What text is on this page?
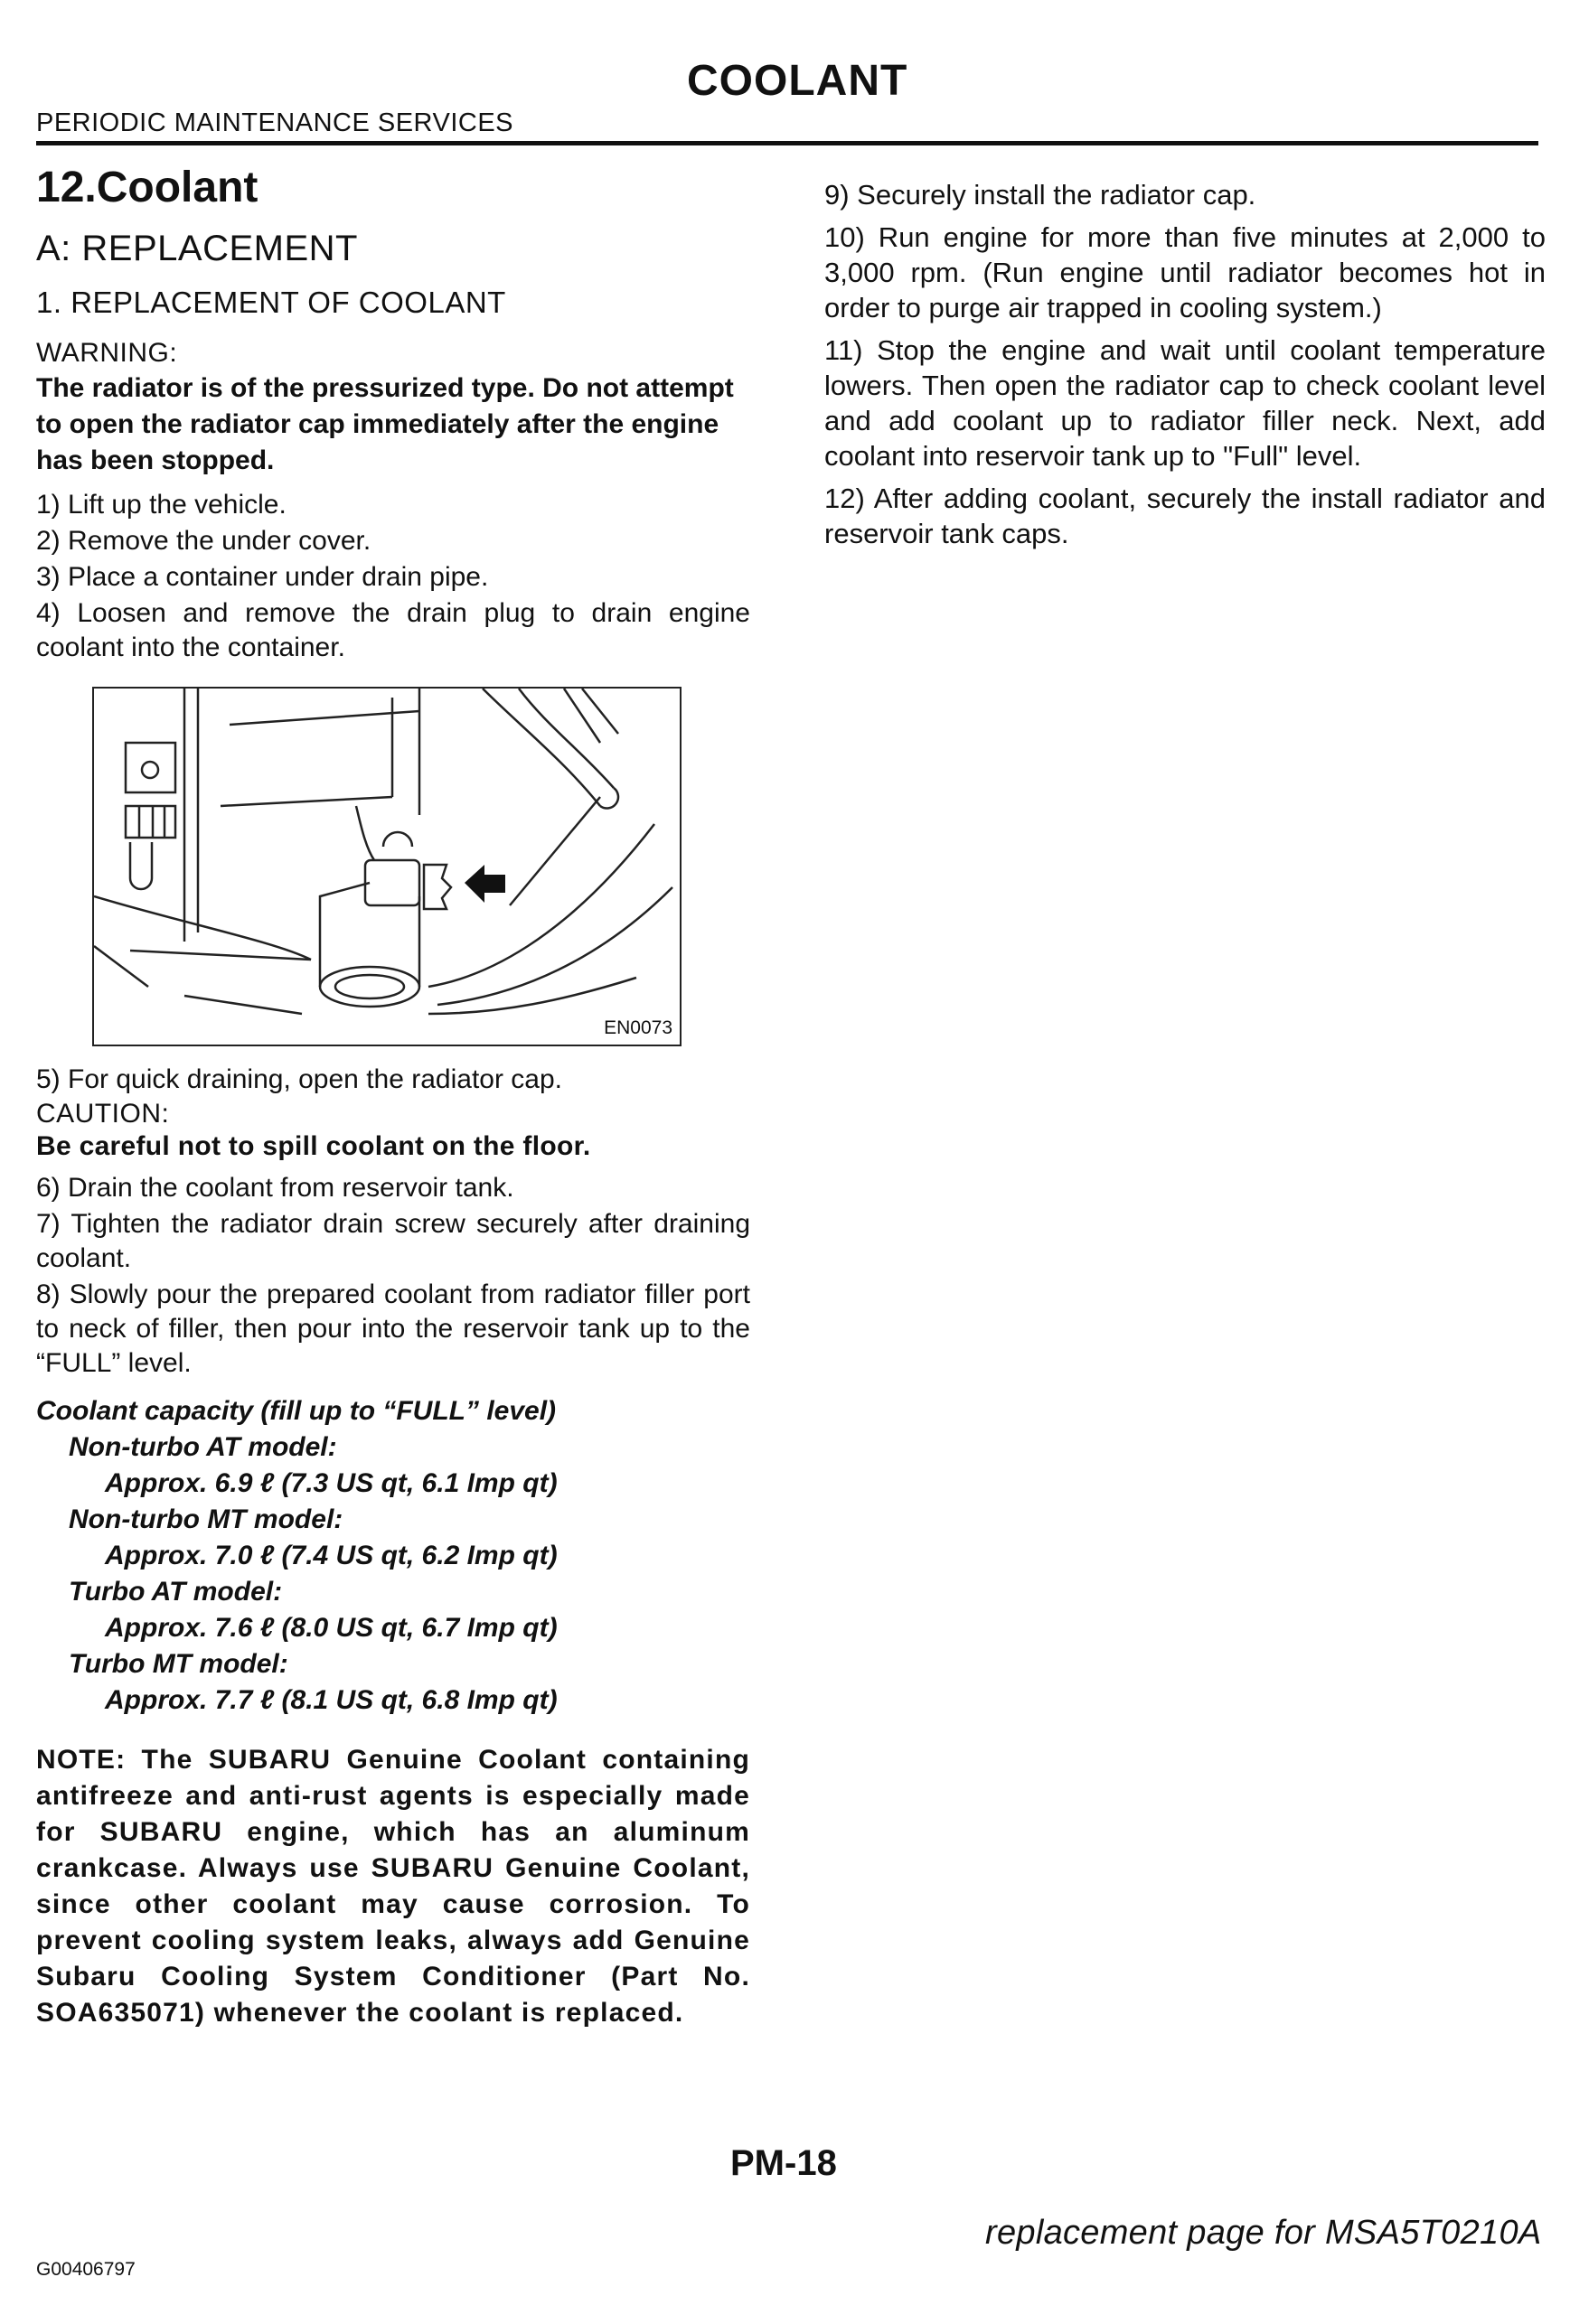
COOLANT
PERIODIC MAINTENANCE SERVICES
12.Coolant
A: REPLACEMENT
1. REPLACEMENT OF COOLANT
WARNING:
The radiator is of the pressurized type. Do not attempt to open the radiator cap immediately after the engine has been stopped.
1) Lift up the vehicle.
2) Remove the under cover.
3) Place a container under drain pipe.
4) Loosen and remove the drain plug to drain engine coolant into the container.
EN0073
5) For quick draining, open the radiator cap.
CAUTION:
Be careful not to spill coolant on the floor.
6) Drain the coolant from reservoir tank.
7) Tighten the radiator drain screw securely after draining coolant.
8) Slowly pour the prepared coolant from radiator filler port to neck of filler, then pour into the reservoir tank up to the “FULL” level.
Coolant capacity (fill up to “FULL” level)
Non-turbo AT model:
Approx. 6.9 ℓ (7.3 US qt, 6.1 Imp qt)
Non-turbo MT model:
Approx. 7.0 ℓ (7.4 US qt, 6.2 Imp qt)
Turbo AT model:
Approx. 7.6 ℓ (8.0 US qt, 6.7 Imp qt)
Turbo MT model:
Approx. 7.7 ℓ (8.1 US qt, 6.8 Imp qt)
NOTE: The SUBARU Genuine Coolant containing antifreeze and anti-rust agents is especially made for SUBARU engine, which has an aluminum crankcase. Always use SUBARU Genuine Coolant, since other coolant may cause corrosion. To prevent cooling system leaks, always add Genuine Subaru Cooling System Conditioner (Part No. SOA635071) whenever the coolant is replaced.
9) Securely install the radiator cap.
10) Run engine for more than five minutes at 2,000 to 3,000 rpm. (Run engine until radiator becomes hot in order to purge air trapped in cooling system.)
11) Stop the engine and wait until coolant temperature lowers. Then open the radiator cap to check coolant level and add coolant up to radiator filler neck. Next, add coolant into reservoir tank up to "Full" level.
12) After adding coolant, securely the install radiator and reservoir tank caps.
PM-18
replacement page for MSA5T0210A
G00406797
